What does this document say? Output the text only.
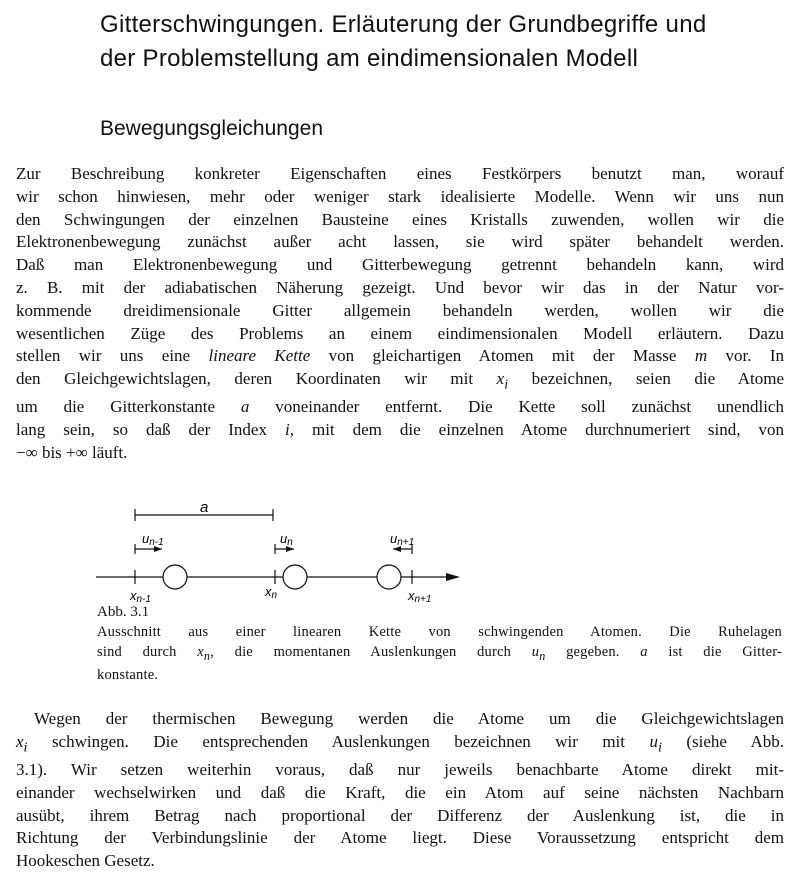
Gitterschwingungen. Erläuterung der Grundbegriffe und
der Problemstellung am eindimensionalen Modell
Bewegungsgleichungen
Zur Beschreibung konkreter Eigenschaften eines Festkörpers benutzt man, worauf
wir schon hinwiesen, mehr oder weniger stark idealisierte Modelle. Wenn wir uns nun
den Schwingungen der einzelnen Bausteine eines Kristalls zuwenden, wollen wir die
Elektronenbewegung zunächst außer acht lassen, sie wird später behandelt werden.
Daß man Elektronenbewegung und Gitterbewegung getrennt behandeln kann, wird
z. B. mit der adiabatischen Näherung gezeigt. Und bevor wir das in der Natur vor-
kommende dreidimensionale Gitter allgemein behandeln werden, wollen wir die
wesentlichen Züge des Problems an einem eindimensionalen Modell erläutern. Dazu
stellen wir uns eine lineare Kette von gleichartigen Atomen mit der Masse m vor. In
den Gleichgewichtslagen, deren Koordinaten wir mit $x_i$ bezeichnen, seien die Atome
um die Gitterkonstante a voneinander entfernt. Die Kette soll zunächst unendlich
lang sein, so daß der Index i, mit dem die einzelnen Atome durchnumeriert sind, von
−∞ bis +∞ läuft.
a
un-1	un	un+1
xn-1
xn	xn+1
Abb. 3.1
Ausschnitt aus einer linearen Kette von schwingenden Atomen. Die Ruhelagen
sind durch $x_n$, die momentanen Auslenkungen durch $u_n$ gegeben. a ist die Gitter-
konstante.
Wegen der thermischen Bewegung werden die Atome um die Gleichgewichtslagen
$x_i$ schwingen. Die entsprechenden Auslenkungen bezeichnen wir mit $u_i$ (siehe Abb.
3.1). Wir setzen weiterhin voraus, daß nur jeweils benachbarte Atome direkt mit-
einander wechselwirken und daß die Kraft, die ein Atom auf seine nächsten Nachbarn
ausübt, ihrem Betrag nach proportional der Differenz der Auslenkung ist, die in
Richtung der Verbindungslinie der Atome liegt. Diese Voraussetzung entspricht dem
Hookeschen Gesetz.
